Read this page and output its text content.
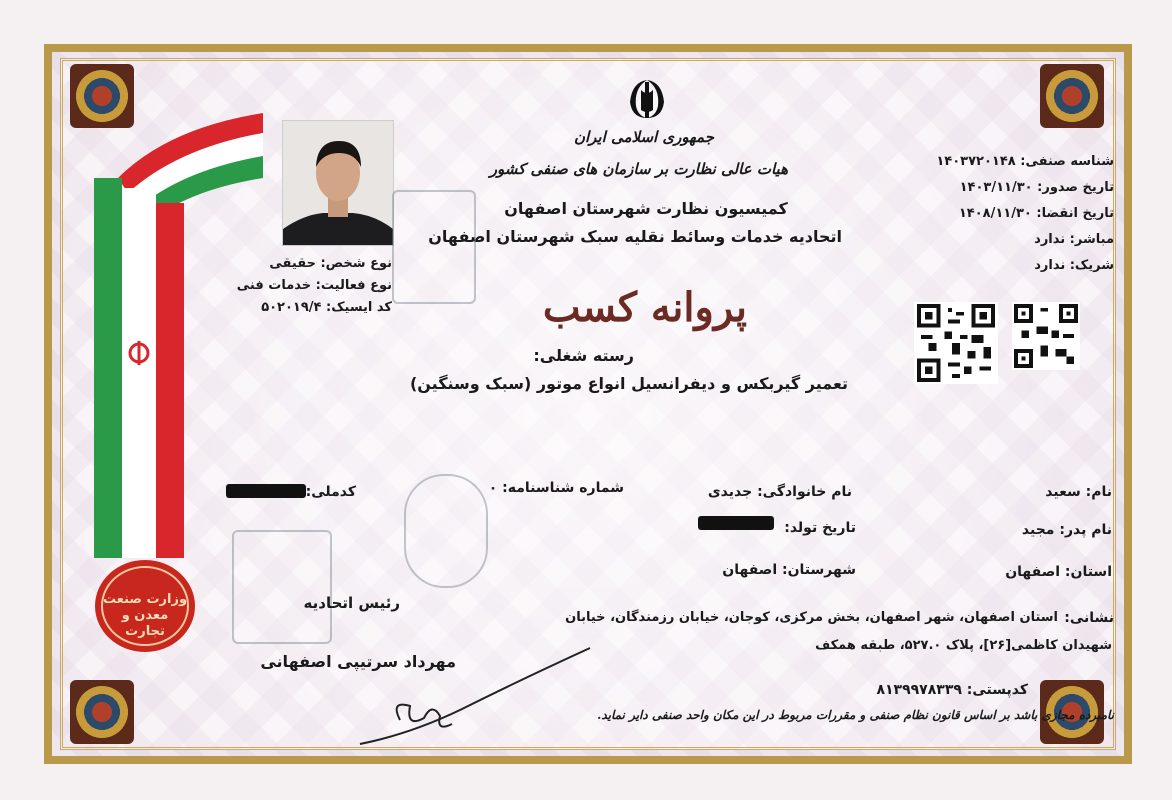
وزارت صنعت معدن و تجارت
جمهوری اسلامی ایران
هیات عالی نظارت بر سازمان های صنفی کشور
کمیسیون نظارت شهرستان اصفهان
اتحادیه خدمات وسائط نقلیه سبک شهرستان اصفهان
پروانه کسب
رسته شغلی:
تعمیر گیربکس و دیفرانسیل انواع موتور (سبک وسنگین)
شناسه صنفی: ۱۴۰۳۷۲۰۱۴۸
تاریخ صدور: ۱۴۰۳/۱۱/۳۰
تاریخ انقضا: ۱۴۰۸/۱۱/۳۰
مباشر: ندارد
شریک: ندارد
نوع شخص: حقیقی
نوع فعالیت: خدمات فنی
کد ایسیک: ۵۰۲۰۱۹/۴
نام: سعید
نام خانوادگی: جدیدی
شماره شناسنامه: ۰
کدملی:
نام پدر: مجید
تاریخ تولد:
استان: اصفهان
شهرستان: اصفهان
نشانی:
استان اصفهان، شهر اصفهان، بخش مرکزی، کوجان، خیابان رزمندگان، خیابان
شهیدان کاظمی[۲۶]، پلاک ۵۲۷.۰، طبقه همکف
کدپستی: ۸۱۳۹۹۷۸۳۳۹
رئیس اتحادیه
مهرداد سرتیپی اصفهانی
نامبرده مجازی باشد بر اساس قانون نظام صنفی و مقررات مربوط در این مکان واحد صنفی دایر نماید.
